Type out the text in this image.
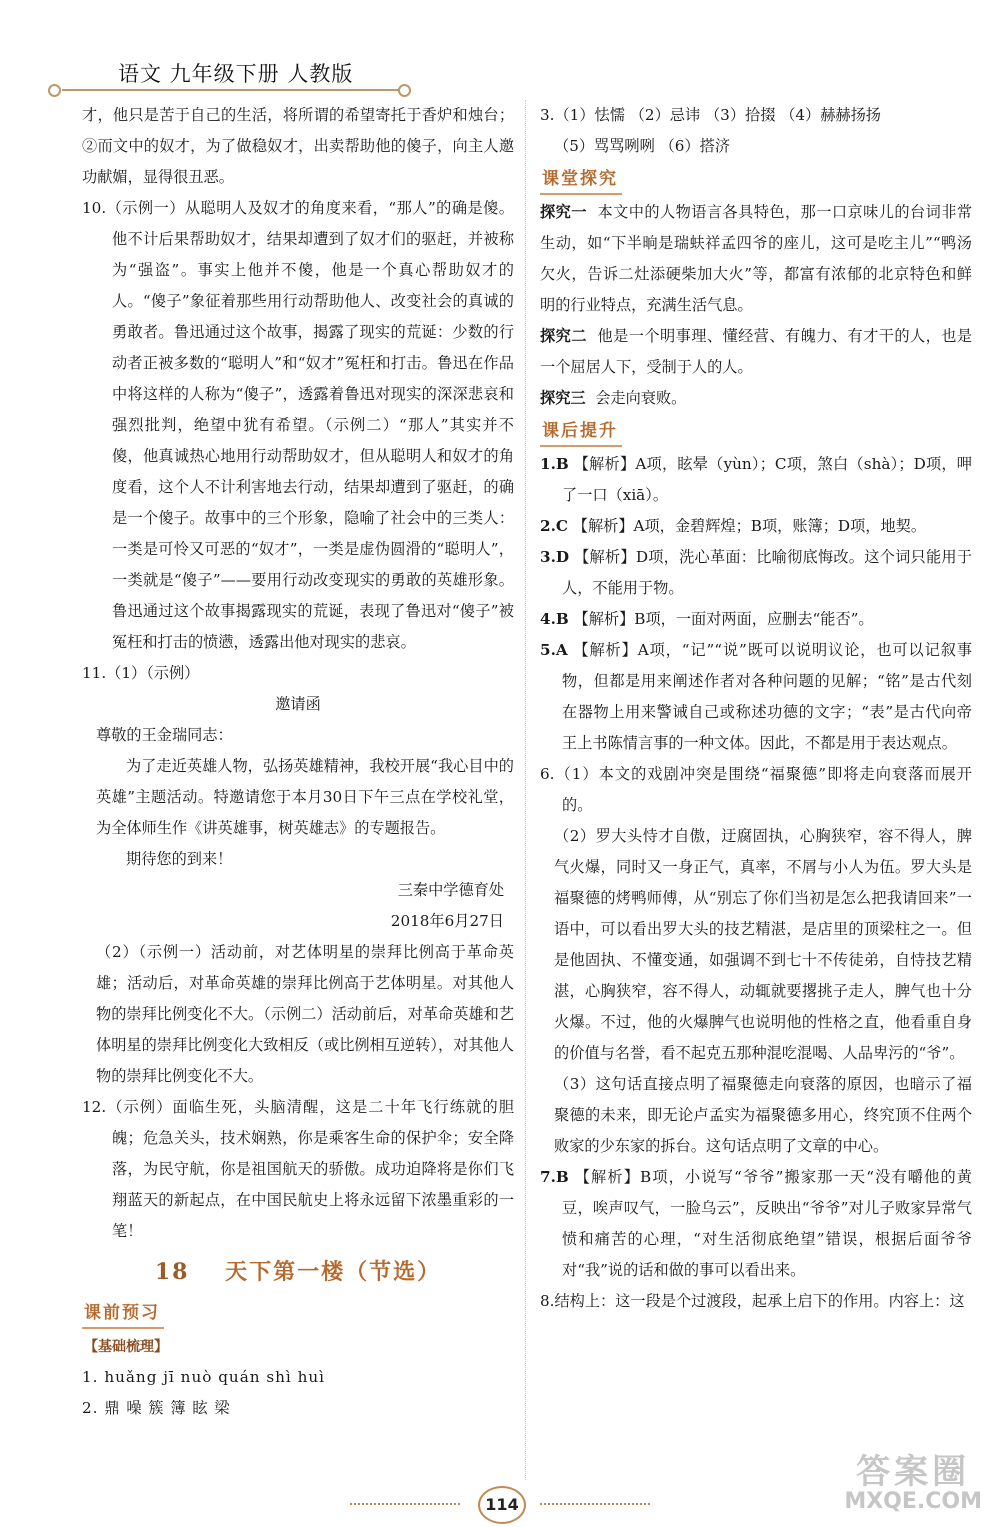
语文 九年级下册 人教版

才，他只是苦于自己的生活，将所谓的希望寄托于香炉和烛台；②而文中的奴才，为了做稳奴才，出卖帮助他的傻子，向主人邀功献媚，显得很丑恶。

10.（示例一）从聪明人及奴才的角度来看，“那人”的确是傻。他不计后果帮助奴才，结果却遭到了奴才们的驱赶，并被称为“强盗”。事实上他并不傻，他是一个真心帮助奴才的人。“傻子”象征着那些用行动帮助他人、改变社会的真诚的勇敢者。鲁迅通过这个故事，揭露了现实的荒诞：少数的行动者正被多数的“聪明人”和“奴才”冤枉和打击。鲁迅在作品中将这样的人称为“傻子”，透露着鲁迅对现实的深深悲哀和强烈批判，绝望中犹有希望。（示例二）“那人”其实并不傻，他真诚热心地用行动帮助奴才，但从聪明人和奴才的角度看，这个人不计利害地去行动，结果却遭到了驱赶，的确是一个傻子。故事中的三个形象，隐喻了社会中的三类人：一类是可怜又可恶的“奴才”，一类是虚伪圆滑的“聪明人”，一类就是“傻子”——要用行动改变现实的勇敢的英雄形象。鲁迅通过这个故事揭露现实的荒诞，表现了鲁迅对“傻子”被冤枉和打击的愤懑，透露出他对现实的悲哀。

11.（1）（示例）

邀请函

尊敬的王金瑞同志：

为了走近英雄人物，弘扬英雄精神，我校开展“我心目中的英雄”主题活动。特邀请您于本月30日下午三点在学校礼堂，为全体师生作《讲英雄事，树英雄志》的专题报告。

期待您的到来！

三秦中学德育处

2018年6月27日

（2）（示例一）活动前，对艺体明星的崇拜比例高于革命英雄；活动后，对革命英雄的崇拜比例高于艺体明星。对其他人物的崇拜比例变化不大。（示例二）活动前后，对革命英雄和艺体明星的崇拜比例变化大致相反（或比例相互逆转），对其他人物的崇拜比例变化不大。

12.（示例）面临生死，头脑清醒，这是二十年飞行练就的胆魄；危急关头，技术娴熟，你是乘客生命的保护伞；安全降落，为民守航，你是祖国航天的骄傲。成功迫降将是你们飞翔蓝天的新起点，在中国民航史上将永远留下浓墨重彩的一笔！

18 天下第一楼（节选）
课前预习
【基础梳理】

1. huǎng jī nuò quán shì huì

2. 鼎 噪 簇 簿 眩 梁

3.（1）怯懦 （2）忌讳 （3）拾掇 （4）赫赫扬扬

（5）骂骂咧咧 （6）搭济

课堂探究

探究一 本文中的人物语言各具特色，那一口京味儿的台词非常生动，如“下半晌是瑞蚨祥孟四爷的座儿，这可是吃主儿”“鸭汤欠火，告诉二灶添硬柴加大火”等，都富有浓郁的北京特色和鲜明的行业特点，充满生活气息。

探究二 他是一个明事理、懂经营、有魄力、有才干的人，也是一个屈居人下，受制于人的人。

探究三 会走向衰败。

课后提升

1.B 【解析】A项，眩晕（yùn）；C项，煞白（shà）；D项，呷了一口（xiā）。

2.C 【解析】A项，金碧辉煌；B项，账簿；D项，地契。

3.D 【解析】D项，洗心革面：比喻彻底悔改。这个词只能用于人，不能用于物。

4.B 【解析】B项，一面对两面，应删去“能否”。

5.A 【解析】A项，“记”“说”既可以说明议论，也可以记叙事物，但都是用来阐述作者对各种问题的见解；“铭”是古代刻在器物上用来警诫自己或称述功德的文字；“表”是古代向帝王上书陈情言事的一种文体。因此，不都是用于表达观点。

6.（1）本文的戏剧冲突是围绕“福聚德”即将走向衰落而展开的。

（2）罗大头恃才自傲，迂腐固执，心胸狭窄，容不得人，脾气火爆，同时又一身正气，真率，不屑与小人为伍。罗大头是福聚德的烤鸭师傅，从“别忘了你们当初是怎么把我请回来”一语中，可以看出罗大头的技艺精湛，是店里的顶梁柱之一。但是他固执、不懂变通，如强调不到七十不传徒弟，自恃技艺精湛，心胸狭窄，容不得人，动辄就要撂挑子走人，脾气也十分火爆。不过，他的火爆脾气也说明他的性格之直，他看重自身的价值与名誉，看不起克五那种混吃混喝、人品卑污的“爷”。

（3）这句话直接点明了福聚德走向衰落的原因，也暗示了福聚德的未来，即无论卢孟实为福聚德多用心，终究顶不住两个败家的少东家的拆台。这句话点明了文章的中心。

7.B 【解析】B项，小说写“爷爷”搬家那一天“没有嚼他的黄豆，唉声叹气，一脸乌云”，反映出“爷爷”对儿子败家异常气愤和痛苦的心理，“对生活彻底绝望”错误，根据后面爷爷对“我”说的话和做的事可以看出来。

8.结构上：这一段是个过渡段，起承上启下的作用。内容上：这

114
答案圈
MXQE.COM
